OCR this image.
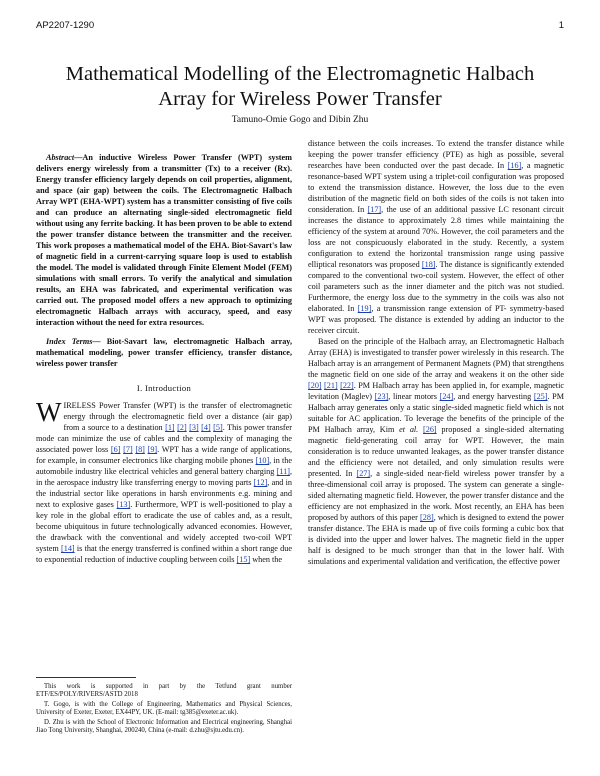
AP2207-1290	1
Mathematical Modelling of the Electromagnetic Halbach Array for Wireless Power Transfer
Tamuno-Omie Gogo and Dibin Zhu

Abstract—An inductive Wireless Power Transfer (WPT) system delivers energy wirelessly from a transmitter (Tx) to a receiver (Rx). Energy transfer efficiency largely depends on coil properties, alignment, and space (air gap) between the coils. The Electromagnetic Halbach Array WPT (EHA-WPT) system has a transmitter consisting of five coils and can produce an alternating single-sided electromagnetic field without using any ferrite backing. It has been proven to be able to extend the power transfer distance between the transmitter and the receiver. This work proposes a mathematical model of the EHA. Biot-Savart's law of magnetic field in a current-carrying square loop is used to establish the model. The model is validated through Finite Element Model (FEM) simulations with small errors. To verify the analytical and simulation results, an EHA was fabricated, and experimental verification was carried out. The proposed model offers a new approach to optimizing electromagnetic Halbach arrays with accuracy, speed, and easy interaction without the need for extra resources.

Index Terms— Biot-Savart law, electromagnetic Halbach array, mathematical modeling, power transfer efficiency, transfer distance, wireless power transfer

I. Introduction

WIRELESS Power Transfer (WPT) is the transfer of electromagnetic energy through the electromagnetic field over a distance (air gap) from a source to a destination [1] [2] [3] [4] [5]. This power transfer mode can minimize the use of cables and the complexity of managing the associated power loss [6] [7] [8] [9]. WPT has a wide range of applications, for example, in consumer electronics like charging mobile phones [10], in the automobile industry like electrical vehicles and general battery charging [11], in the aerospace industry like transferring energy to moving parts [12], and in the industrial sector like operations in harsh environments e.g. mining and next to explosive gases [13]. Furthermore, WPT is well-positioned to play a key role in the global effort to eradicate the use of cables and, as a result, become ubiquitous in future technologically advanced economies. However, the drawback with the conventional and widely accepted two-coil WPT system [14] is that the energy transferred is confined within a short range due to exponential reduction of inductive coupling between coils [15] when the

distance between the coils increases. To extend the transfer distance while keeping the power transfer efficiency (PTE) as high as possible, several researches have been conducted over the past decade. In [16], a magnetic resonance-based WPT system using a triplet-coil configuration was proposed to extend the transmission distance. However, the loss due to the even distribution of the magnetic field on both sides of the coils is not taken into consideration. In [17], the use of an additional passive LC resonant circuit increases the distance to approximately 2.8 times while maintaining the efficiency of the system at around 70%. However, the coil parameters and the loss are not conspicuously elaborated in the study. Recently, a system configuration to extend the horizontal transmission range using passive elliptical resonators was proposed [18]. The distance is significantly extended compared to the conventional two-coil system. However, the effect of other coil parameters such as the inner diameter and the pitch was not studied. Furthermore, the energy loss due to the symmetry in the coils was also not elaborated. In [19], a transmission range extension of PT- symmetry-based WPT was proposed. The distance is extended by adding an inductor to the receiver circuit.

Based on the principle of the Halbach array, an Electromagnetic Halbach Array (EHA) is investigated to transfer power wirelessly in this research. The Halbach array is an arrangement of Permanent Magnets (PM) that strengthens the magnetic field on one side of the array and weakens it on the other side [20] [21] [22]. PM Halbach array has been applied in, for example, magnetic levitation (Maglev) [23], linear motors [24], and energy harvesting [25]. PM Halbach array generates only a static single-sided magnetic field which is not suitable for AC application. To leverage the benefits of the principle of the PM Halbach array, Kim et al. [26] proposed a single-sided alternating magnetic field-generating coil array for WPT. However, the main consideration is to reduce unwanted leakages, as the power transfer distance and the efficiency were not detailed, and only simulation results were presented. In [27], a single-sided near-field wireless power transfer by a three-dimensional coil array is proposed. The system can generate a single-sided alternating magnetic field. However, the power transfer distance and the efficiency are not emphasized in the work. Most recently, an EHA has been proposed by authors of this paper [28], which is designed to extend the power transfer distance. The EHA is made up of five coils forming a cubic box that is divided into the upper and lower halves. The magnetic field in the upper half is designed to be much stronger than that in the lower half. With simulations and experimental validation and verification, the effective power

This work is supported in part by the Tetfund grant number ETF/ES/POLY/RIVERS/ASTD 2018

T. Gogo, is with the College of Engineering, Mathematics and Physical Sciences, University of Exeter, Exeter, EX44PY, UK. (E-mail: tg385@exeter.ac.uk).

D. Zhu is with the School of Electronic Information and Electrical engineering, Shanghai Jiao Tong University, Shanghai, 200240, China (e-mail: d.zhu@sjtu.edu.cn).
